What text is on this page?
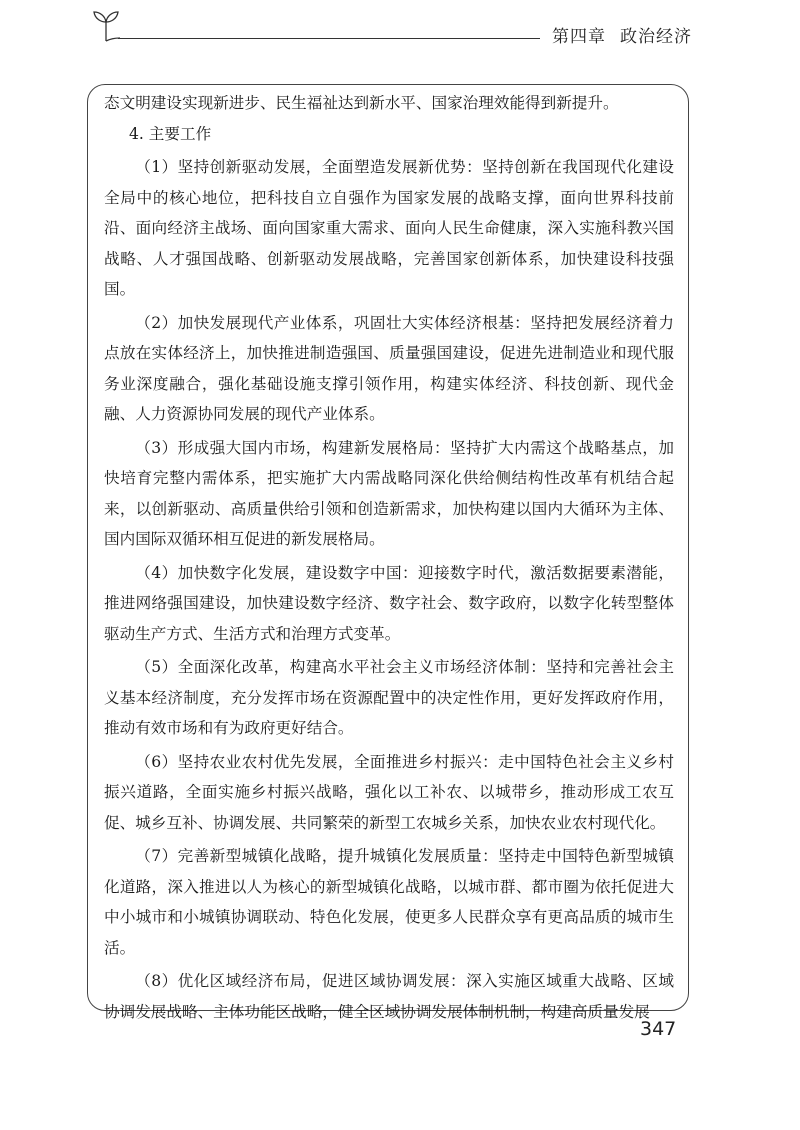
第四章 政治经济

态文明建设实现新进步、民生福祉达到新水平、国家治理效能得到新提升。

4. 主要工作

（1）坚持创新驱动发展，全面塑造发展新优势：坚持创新在我国现代化建设全局中的核心地位，把科技自立自强作为国家发展的战略支撑，面向世界科技前沿、面向经济主战场、面向国家重大需求、面向人民生命健康，深入实施科教兴国战略、人才强国战略、创新驱动发展战略，完善国家创新体系，加快建设科技强国。

（2）加快发展现代产业体系，巩固壮大实体经济根基：坚持把发展经济着力点放在实体经济上，加快推进制造强国、质量强国建设，促进先进制造业和现代服务业深度融合，强化基础设施支撑引领作用，构建实体经济、科技创新、现代金融、人力资源协同发展的现代产业体系。

（3）形成强大国内市场，构建新发展格局：坚持扩大内需这个战略基点，加快培育完整内需体系，把实施扩大内需战略同深化供给侧结构性改革有机结合起来，以创新驱动、高质量供给引领和创造新需求，加快构建以国内大循环为主体、国内国际双循环相互促进的新发展格局。

（4）加快数字化发展，建设数字中国：迎接数字时代，激活数据要素潜能，推进网络强国建设，加快建设数字经济、数字社会、数字政府，以数字化转型整体驱动生产方式、生活方式和治理方式变革。

（5）全面深化改革，构建高水平社会主义市场经济体制：坚持和完善社会主义基本经济制度，充分发挥市场在资源配置中的决定性作用，更好发挥政府作用，推动有效市场和有为政府更好结合。

（6）坚持农业农村优先发展，全面推进乡村振兴：走中国特色社会主义乡村振兴道路，全面实施乡村振兴战略，强化以工补农、以城带乡，推动形成工农互促、城乡互补、协调发展、共同繁荣的新型工农城乡关系，加快农业农村现代化。

（7）完善新型城镇化战略，提升城镇化发展质量：坚持走中国特色新型城镇化道路，深入推进以人为核心的新型城镇化战略，以城市群、都市圈为依托促进大中小城市和小城镇协调联动、特色化发展，使更多人民群众享有更高品质的城市生活。

（8）优化区域经济布局，促进区域协调发展：深入实施区域重大战略、区域协调发展战略、主体功能区战略，健全区域协调发展体制机制，构建高质量发展

347
